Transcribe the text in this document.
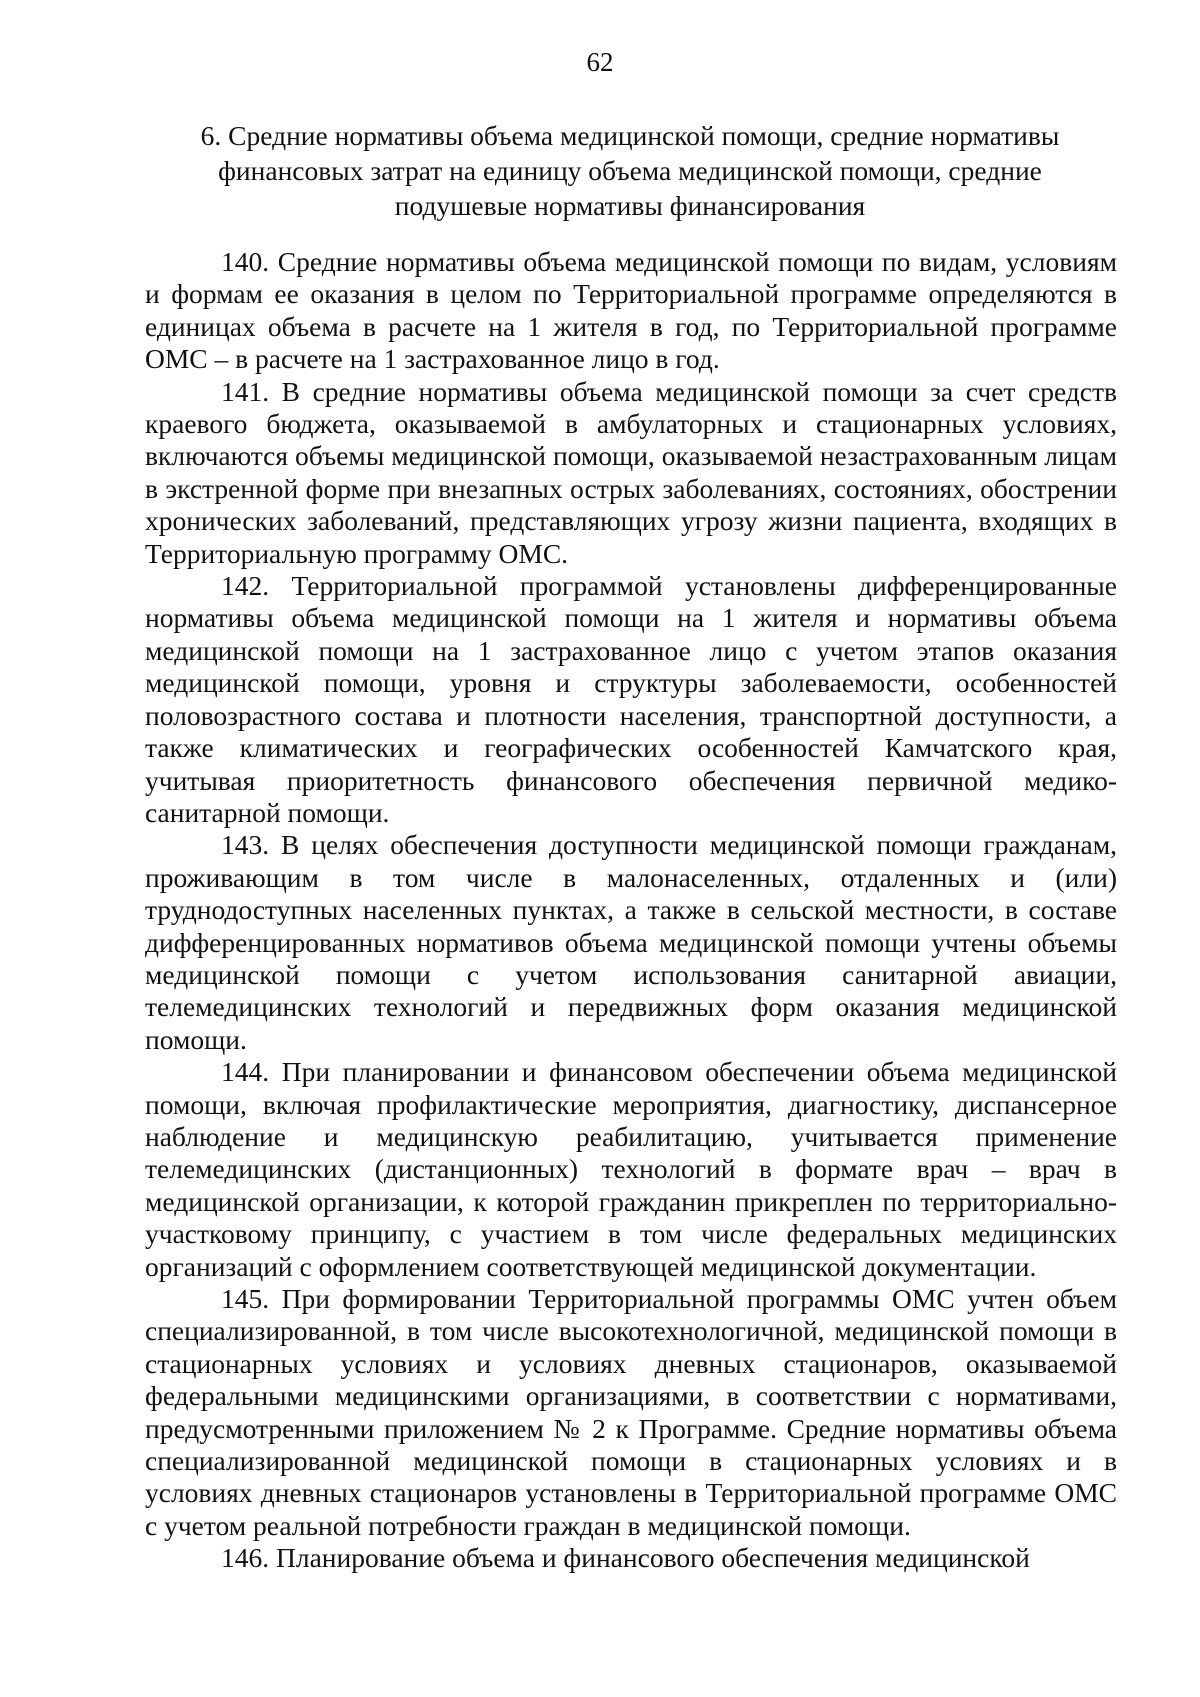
62
6. Средние нормативы объема медицинской помощи, средние нормативы
финансовых затрат на единицу объема медицинской помощи, средние
подушевые нормативы финансирования

140. Средние нормативы объема медицинской помощи по видам, условиям и формам ее оказания в целом по Территориальной программе определяются в единицах объема в расчете на 1 жителя в год, по Территориальной программе ОМС – в расчете на 1 застрахованное лицо в год.

141. В средние нормативы объема медицинской помощи за счет средств краевого бюджета, оказываемой в амбулаторных и стационарных условиях, включаются объемы медицинской помощи, оказываемой незастрахованным лицам в экстренной форме при внезапных острых заболеваниях, состояниях, обострении хронических заболеваний, представляющих угрозу жизни пациента, входящих в Территориальную программу ОМС.

142. Территориальной программой установлены дифференцированные нормативы объема медицинской помощи на 1 жителя и нормативы объема медицинской помощи на 1 застрахованное лицо с учетом этапов оказания медицинской помощи, уровня и структуры заболеваемости, особенностей половозрастного состава и плотности населения, транспортной доступности, а также климатических и географических особенностей Камчатского края, учитывая приоритетность финансового обеспечения первичной медико-санитарной помощи.

143. В целях обеспечения доступности медицинской помощи гражданам, проживающим в том числе в малонаселенных, отдаленных и (или) труднодоступных населенных пунктах, а также в сельской местности, в составе дифференцированных нормативов объема медицинской помощи учтены объемы медицинской помощи с учетом использования санитарной авиации, телемедицинских технологий и передвижных форм оказания медицинской помощи.

144. При планировании и финансовом обеспечении объема медицинской помощи, включая профилактические мероприятия, диагностику, диспансерное наблюдение и медицинскую реабилитацию, учитывается применение телемедицинских (дистанционных) технологий в формате врач – врач в медицинской организации, к которой гражданин прикреплен по территориально-участковому принципу, с участием в том числе федеральных медицинских организаций с оформлением соответствующей медицинской документации.

145. При формировании Территориальной программы ОМС учтен объем специализированной, в том числе высокотехнологичной, медицинской помощи в стационарных условиях и условиях дневных стационаров, оказываемой федеральными медицинскими организациями, в соответствии с нормативами, предусмотренными приложением № 2 к Программе. Средние нормативы объема специализированной медицинской помощи в стационарных условиях и в условиях дневных стационаров установлены в Территориальной программе ОМС с учетом реальной потребности граждан в медицинской помощи.

146. Планирование объема и финансового обеспечения медицинской
